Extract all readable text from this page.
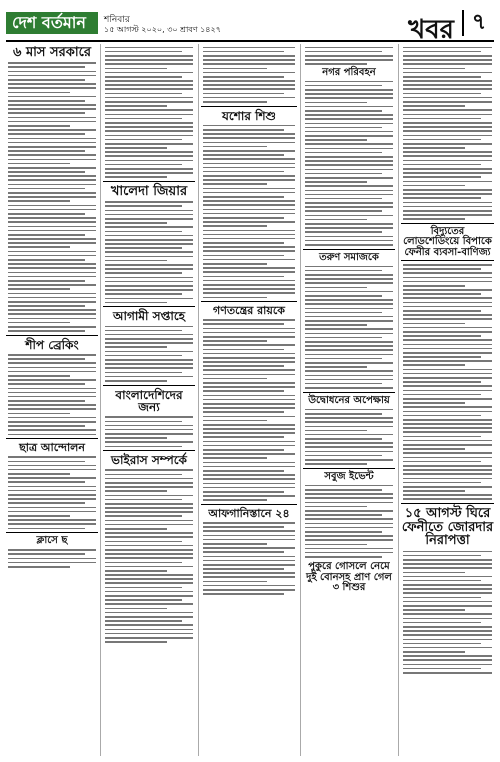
দেশ বর্তমান	শনিবার
১৫ আগস্ট ২০২০, ৩০ শ্রাবণ ১৪২৭	খবর ৭
৬ মাস সরকারে
শীপ ব্রেকিং
ছাত্র আন্দোলন
ক্লাসে ছ
খালেদা জিয়ার
আগামী সপ্তাহে
বাংলাদেশিদের জন্য
ভাইরাস সম্পর্কে
যশোর শিশু
গণতন্ত্রের রায়কে
আফগানিস্তানে ২৪
নগর পরিবহন
তরুণ সমাজকে
উদ্বোধনের অপেক্ষায়
সবুজ ইভেন্ট
বিদ্যুতের লোডশেডিংয়ে বিপাকে ফেনীর ব্যবসা-বাণিজ্য
১৫ আগস্ট ঘিরে ফেনীতে জোরদার নিরাপত্তা
পুকুরে গোসলে নেমে দুই বোনসহ প্রাণ গেল ৩ শিশুর
